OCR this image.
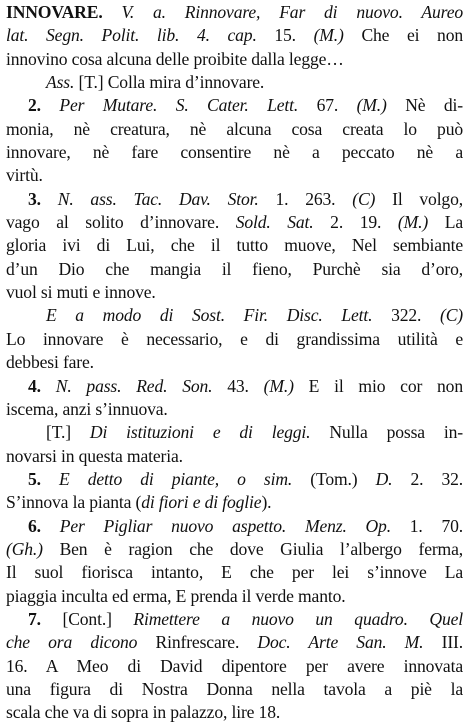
INNOVARE. V. a. Rinnovare, Far di nuovo. Aureo
lat. Segn. Polit. lib. 4. cap. 15. (M.) Che ei non
innovino cosa alcuna delle proibite dalla legge…
Ass. [T.] Colla mira d’innovare.
2. Per Mutare. S. Cater. Lett. 67. (M.) Nè di-
monia, nè creatura, nè alcuna cosa creata lo può
innovare, nè fare consentire nè a peccato nè a
virtù.
3. N. ass. Tac. Dav. Stor. 1. 263. (C) Il volgo,
vago al solito d’innovare. Sold. Sat. 2. 19. (M.) La
gloria ivi di Lui, che il tutto muove, Nel sembiante
d’un Dio che mangia il fieno, Purchè sia d’oro,
vuol si muti e innove.
E a modo di Sost. Fir. Disc. Lett. 322. (C)
Lo innovare è necessario, e di grandissima utilità e
debbesi fare.
4. N. pass. Red. Son. 43. (M.) E il mio cor non
iscema, anzi s’innuova.
[T.] Di istituzioni e di leggi. Nulla possa in-
novarsi in questa materia.
5. E detto di piante, o sim. (Tom.) D. 2. 32.
S’innova la pianta (di fiori e di foglie).
6. Per Pigliar nuovo aspetto. Menz. Op. 1. 70.
(Gh.) Ben è ragion che dove Giulia l’albergo ferma,
Il suol fiorisca intanto, E che per lei s’innove La
piaggia inculta ed erma, E prenda il verde manto.
7. [Cont.] Rimettere a nuovo un quadro. Quel
che ora dicono Rinfrescare. Doc. Arte San. M. III.
16. A Meo di David dipentore per avere innovata
una figura di Nostra Donna nella tavola a piè la
scala che va di sopra in palazzo, lire 18.
